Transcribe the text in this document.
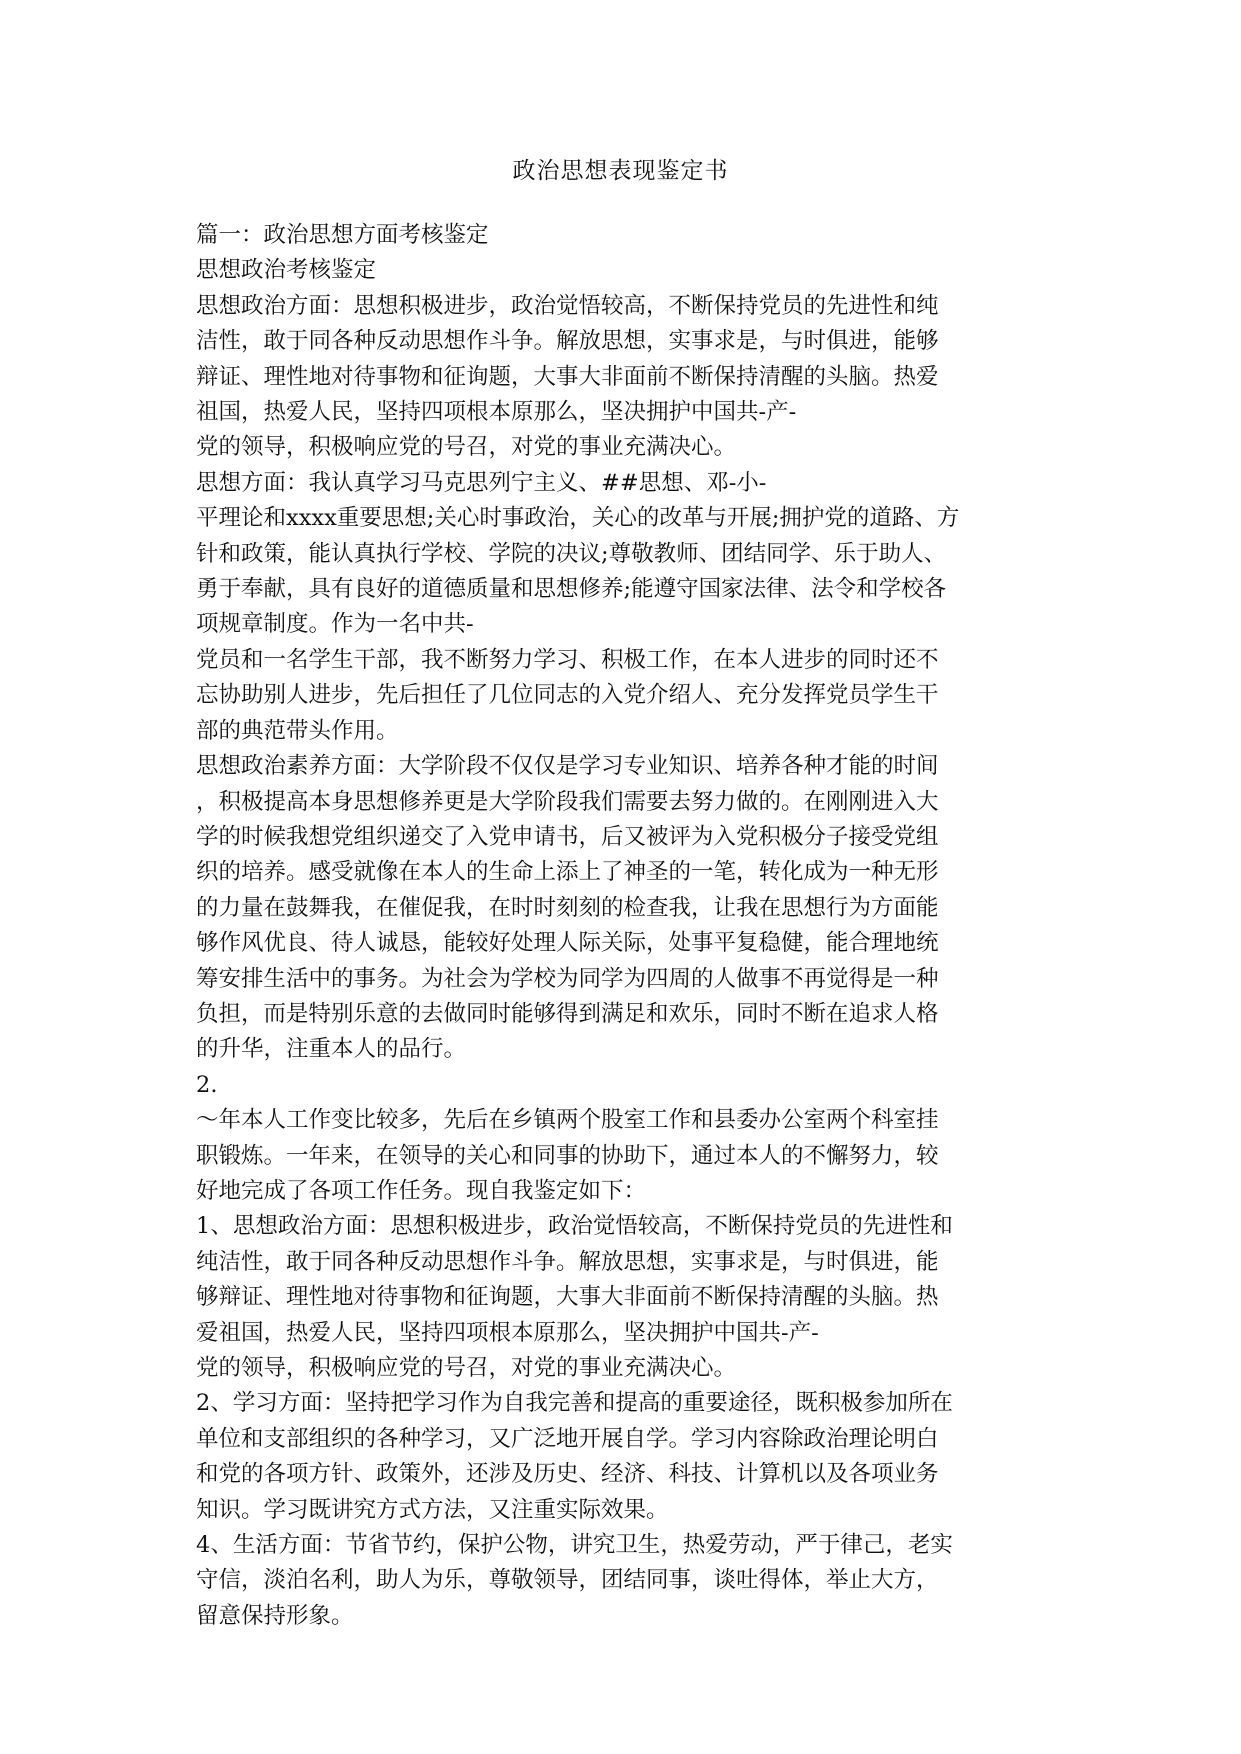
政治思想表现鉴定书
篇一：政治思想方面考核鉴定
思想政治考核鉴定
思想政治方面：思想积极进步，政治觉悟较高，不断保持党员的先进性和纯
洁性，敢于同各种反动思想作斗争。解放思想，实事求是，与时俱进，能够
辩证、理性地对待事物和征询题，大事大非面前不断保持清醒的头脑。热爱
祖国，热爱人民，坚持四项根本原那么，坚决拥护中国共-产-
党的领导，积极响应党的号召，对党的事业充满决心。
思想方面：我认真学习马克思列宁主义、##思想、邓-小-
平理论和xxxx重要思想;关心时事政治，关心的改革与开展;拥护党的道路、方
针和政策，能认真执行学校、学院的决议;尊敬教师、团结同学、乐于助人、
勇于奉献，具有良好的道德质量和思想修养;能遵守国家法律、法令和学校各
项规章制度。作为一名中共-
党员和一名学生干部，我不断努力学习、积极工作，在本人进步的同时还不
忘协助别人进步，先后担任了几位同志的入党介绍人、充分发挥党员学生干
部的典范带头作用。
思想政治素养方面：大学阶段不仅仅是学习专业知识、培养各种才能的时间
，积极提高本身思想修养更是大学阶段我们需要去努力做的。在刚刚进入大
学的时候我想党组织递交了入党申请书，后又被评为入党积极分子接受党组
织的培养。感受就像在本人的生命上添上了神圣的一笔，转化成为一种无形
的力量在鼓舞我，在催促我，在时时刻刻的检查我，让我在思想行为方面能
够作风优良、待人诚恳，能较好处理人际关际，处事平复稳健，能合理地统
筹安排生活中的事务。为社会为学校为同学为四周的人做事不再觉得是一种
负担，而是特别乐意的去做同时能够得到满足和欢乐，同时不断在追求人格
的升华，注重本人的品行。
2.
～年本人工作变比较多，先后在乡镇两个股室工作和县委办公室两个科室挂
职锻炼。一年来，在领导的关心和同事的协助下，通过本人的不懈努力，较
好地完成了各项工作任务。现自我鉴定如下：
1、思想政治方面：思想积极进步，政治觉悟较高，不断保持党员的先进性和
纯洁性，敢于同各种反动思想作斗争。解放思想，实事求是，与时俱进，能
够辩证、理性地对待事物和征询题，大事大非面前不断保持清醒的头脑。热
爱祖国，热爱人民，坚持四项根本原那么，坚决拥护中国共-产-
党的领导，积极响应党的号召，对党的事业充满决心。
2、学习方面：坚持把学习作为自我完善和提高的重要途径，既积极参加所在
单位和支部组织的各种学习，又广泛地开展自学。学习内容除政治理论明白
和党的各项方针、政策外，还涉及历史、经济、科技、计算机以及各项业务
知识。学习既讲究方式方法，又注重实际效果。
4、生活方面：节省节约，保护公物，讲究卫生，热爱劳动，严于律己，老实
守信，淡泊名利，助人为乐，尊敬领导，团结同事，谈吐得体，举止大方，
留意保持形象。
